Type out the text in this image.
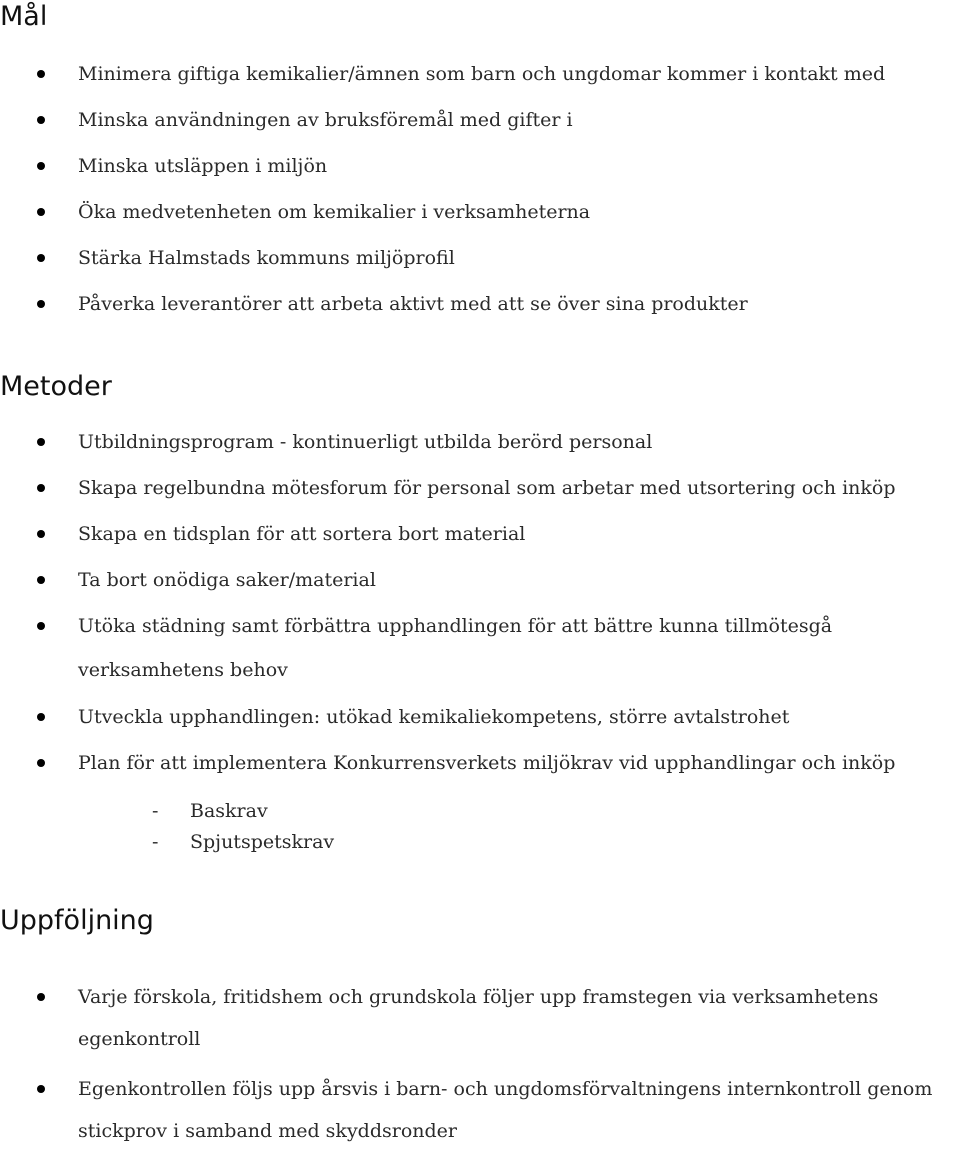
Mål
Minimera giftiga kemikalier/ämnen som barn och ungdomar kommer i kontakt med
Minska användningen av bruksföremål med gifter i
Minska utsläppen i miljön
Öka medvetenheten om kemikalier i verksamheterna
Stärka Halmstads kommuns miljöprofil
Påverka leverantörer att arbeta aktivt med att se över sina produkter
Metoder
Utbildningsprogram - kontinuerligt utbilda berörd personal
Skapa regelbundna mötesforum för personal som arbetar med utsortering och inköp
Skapa en tidsplan för att sortera bort material
Ta bort onödiga saker/material
Utöka städning samt förbättra upphandlingen för att bättre kunna tillmötesgå
verksamhetens behov
Utveckla upphandlingen: utökad kemikaliekompetens, större avtalstrohet
Plan för att implementera Konkurrensverkets miljökrav vid upphandlingar och inköp
- Baskrav
- Spjutspetskrav
Uppföljning
Varje förskola, fritidshem och grundskola följer upp framstegen via verksamhetens
egenkontroll
Egenkontrollen följs upp årsvis i barn- och ungdomsförvaltningens internkontroll genom
stickprov i samband med skyddsronder
